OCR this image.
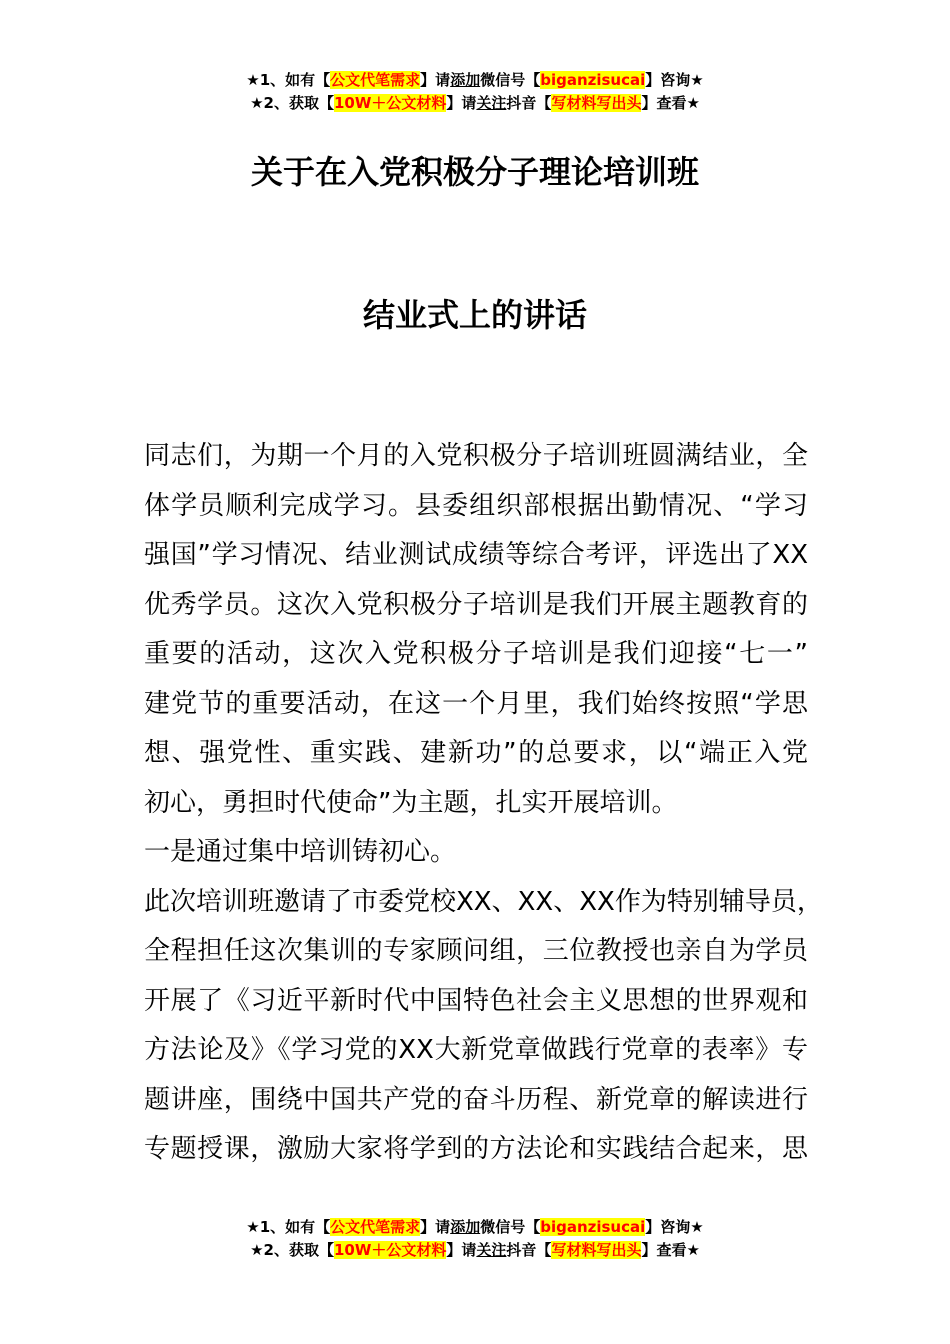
★1、如有【公文代笔需求】请添加微信号【biganzisucai】咨询★
★2、获取【10W＋公文材料】请关注抖音【写材料写出头】查看★
关于在入党积极分子理论培训班
结业式上的讲话
同志们，为期一个月的入党积极分子培训班圆满结业，全
体学员顺利完成学习。县委组织部根据出勤情况、“学习
强国”学习情况、结业测试成绩等综合考评，评选出了XX
优秀学员。这次入党积极分子培训是我们开展主题教育的
重要的活动，这次入党积极分子培训是我们迎接“七一”
建党节的重要活动，在这一个月里，我们始终按照“学思
想、强党性、重实践、建新功”的总要求，以“端正入党
初心，勇担时代使命”为主题，扎实开展培训。
一是通过集中培训铸初心。
此次培训班邀请了市委党校XX、XX、XX作为特别辅导员，
全程担任这次集训的专家顾问组，三位教授也亲自为学员
开展了《习近平新时代中国特色社会主义思想的世界观和
方法论及》《学习党的XX大新党章做践行党章的表率》专
题讲座，围绕中国共产党的奋斗历程、新党章的解读进行
专题授课，激励大家将学到的方法论和实践结合起来，思
★1、如有【公文代笔需求】请添加微信号【biganzisucai】咨询★
★2、获取【10W＋公文材料】请关注抖音【写材料写出头】查看★
